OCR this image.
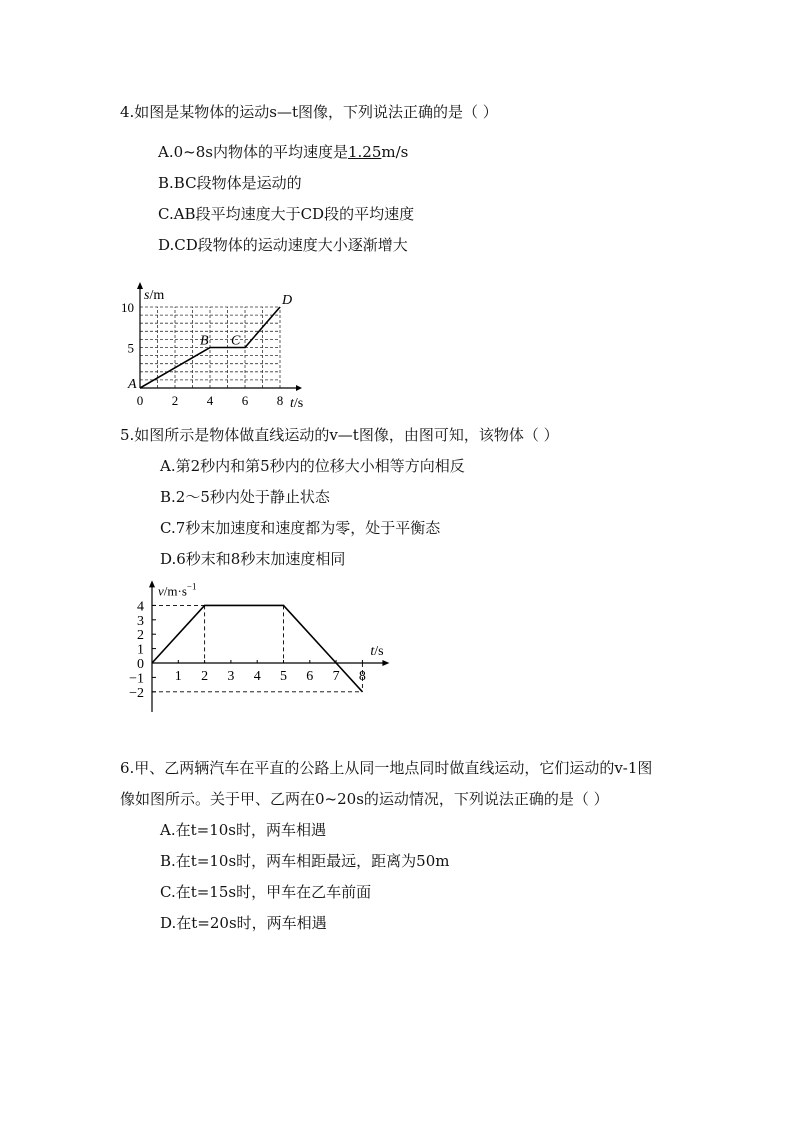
4.如图是某物体的运动s—t图像，下列说法正确的是（ ）
A.0~8s内物体的平均速度是1.25m/s
B.BC段物体是运动的
C.AB段平均速度大于CD段的平均速度
D.CD段物体的运动速度大小逐渐增大
0 2 4 6 8
5
10
A
B C
D
s/m
t/s
5.如图所示是物体做直线运动的v—t图像，由图可知，该物体（ ）
A.第2秒内和第5秒内的位移大小相等方向相反
B.2～5秒内处于静止状态
C.7秒末加速度和速度都为零，处于平衡态
D.6秒末和8秒末加速度相同
1 2 3 4 5 6 7 8
4
3
2
1
0
−1
−2
t/s
$v/m\cdot s^{-1}$
6.甲、乙两辆汽车在平直的公路上从同一地点同时做直线运动，它们运动的v-1图
像如图所示。关于甲、乙两在0~20s的运动情况，下列说法正确的是（ ）
A.在t=10s时，两车相遇
B.在t=10s时，两车相距最远，距离为50m
C.在t=15s时，甲车在乙车前面
D.在t=20s时，两车相遇
